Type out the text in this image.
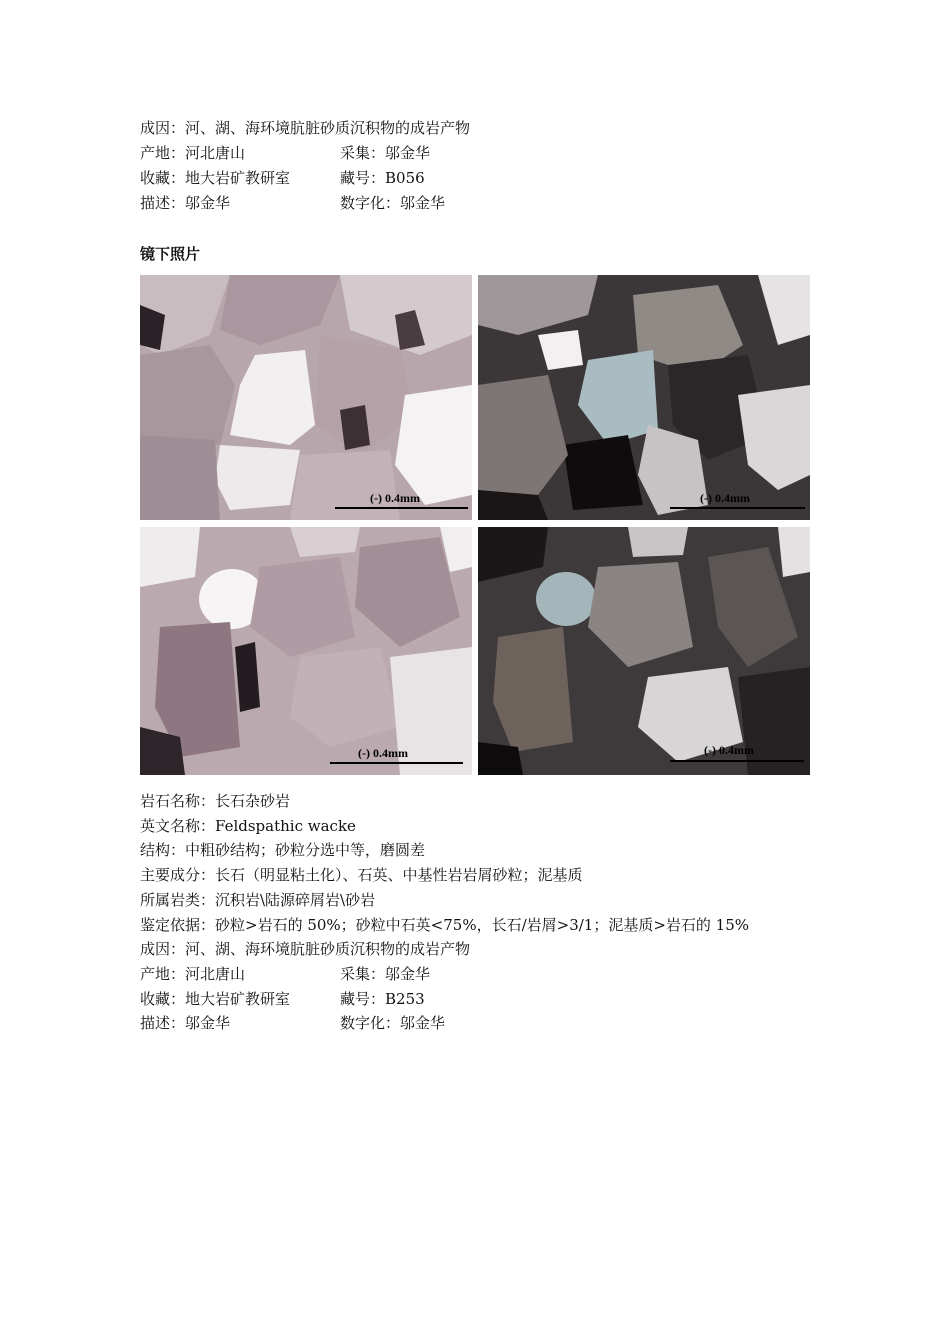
成因：河、湖、海环境肮脏砂质沉积物的成岩产物
产地：河北唐山	采集：邬金华
收藏：地大岩矿教研室	藏号：B056
描述：邬金华	数字化：邬金华
镜下照片
(-) 0.4mm	(-) 0.4mm
(-) 0.4mm	(-) 0.4mm
岩石名称：长石杂砂岩
英文名称：Feldspathic wacke
结构：中粗砂结构；砂粒分选中等，磨圆差
主要成分：长石（明显粘土化）、石英、中基性岩岩屑砂粒；泥基质
所属岩类：沉积岩\陆源碎屑岩\砂岩
鉴定依据：砂粒>岩石的 50%；砂粒中石英<75%，长石/岩屑>3/1；泥基质>岩石的 15%
成因：河、湖、海环境肮脏砂质沉积物的成岩产物
产地：河北唐山	采集：邬金华
收藏：地大岩矿教研室	藏号：B253
描述：邬金华	数字化：邬金华
